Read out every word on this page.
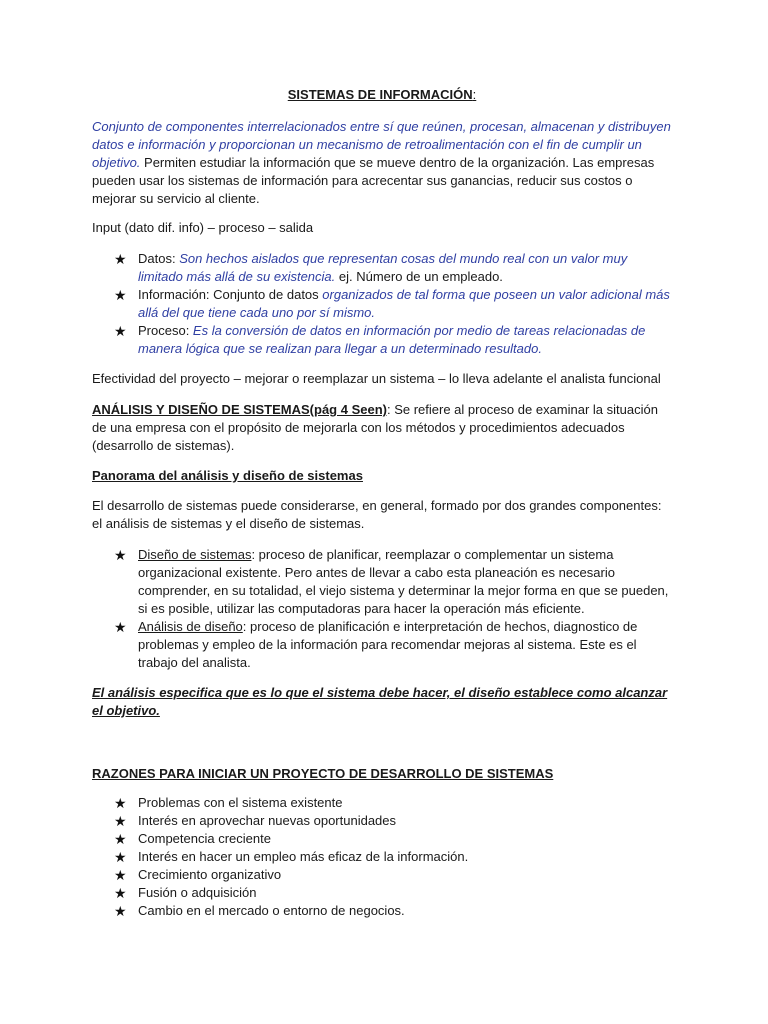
SISTEMAS DE INFORMACIÓN:

Conjunto de componentes interrelacionados entre sí que reúnen, procesan, almacenan y distribuyen datos e información y proporcionan un mecanismo de retroalimentación con el fin de cumplir un objetivo. Permiten estudiar la información que se mueve dentro de la organización. Las empresas pueden usar los sistemas de información para acrecentar sus ganancias, reducir sus costos o mejorar su servicio al cliente.

Input (dato dif. info) – proceso – salida

★ Datos: Son hechos aislados que representan cosas del mundo real con un valor muy limitado más allá de su existencia. ej. Número de un empleado.
★ Información: Conjunto de datos organizados de tal forma que poseen un valor adicional más allá del que tiene cada uno por sí mismo.
★ Proceso: Es la conversión de datos en información por medio de tareas relacionadas de manera lógica que se realizan para llegar a un determinado resultado.

Efectividad del proyecto – mejorar o reemplazar un sistema – lo lleva adelante el analista funcional

ANÁLISIS Y DISEÑO DE SISTEMAS(pág 4 Seen): Se refiere al proceso de examinar la situación de una empresa con el propósito de mejorarla con los métodos y procedimientos adecuados (desarrollo de sistemas).

Panorama del análisis y diseño de sistemas

El desarrollo de sistemas puede considerarse, en general, formado por dos grandes componentes: el análisis de sistemas y el diseño de sistemas.

★ Diseño de sistemas: proceso de planificar, reemplazar o complementar un sistema organizacional existente. Pero antes de llevar a cabo esta planeación es necesario comprender, en su totalidad, el viejo sistema y determinar la mejor forma en que se pueden, si es posible, utilizar las computadoras para hacer la operación más eficiente.
★ Análisis de diseño: proceso de planificación e interpretación de hechos, diagnostico de problemas y empleo de la información para recomendar mejoras al sistema. Este es el trabajo del analista.

El análisis especifica que es lo que el sistema debe hacer, el diseño establece como alcanzar el objetivo.

RAZONES PARA INICIAR UN PROYECTO DE DESARROLLO DE SISTEMAS

★ Problemas con el sistema existente
★ Interés en aprovechar nuevas oportunidades
★ Competencia creciente
★ Interés en hacer un empleo más eficaz de la información.
★ Crecimiento organizativo
★ Fusión o adquisición
★ Cambio en el mercado o entorno de negocios.
